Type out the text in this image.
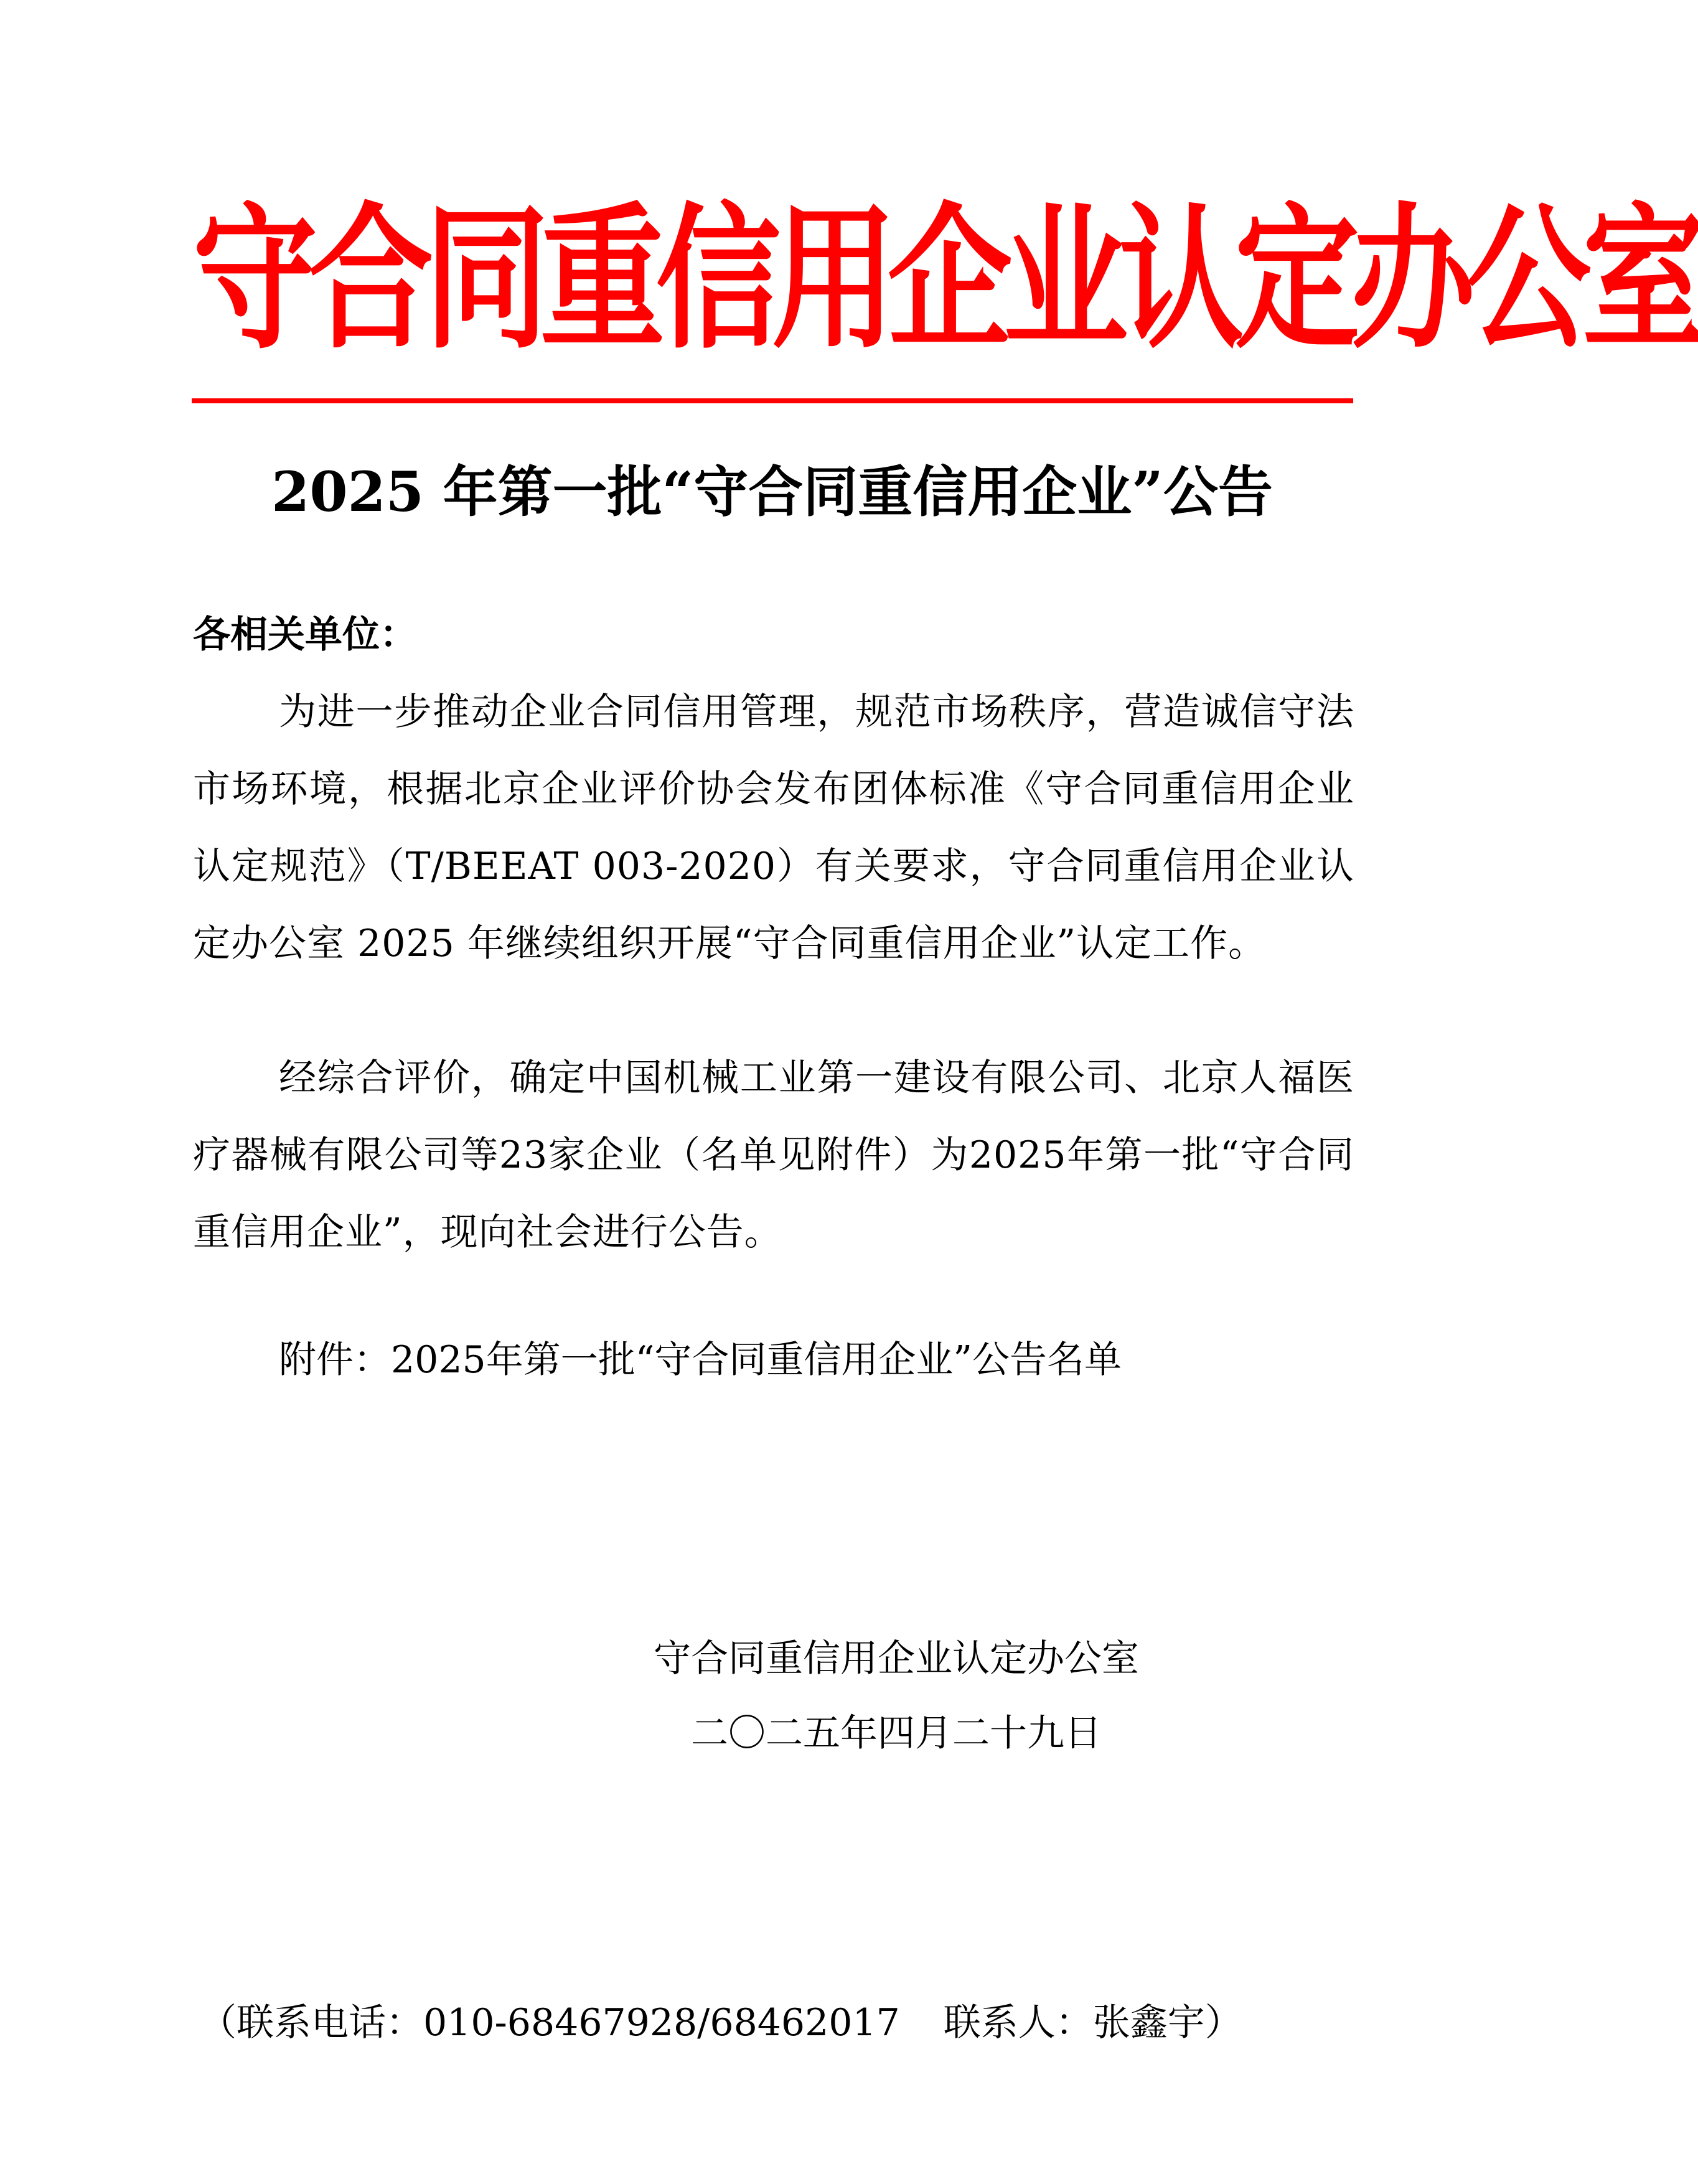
守合同重信用企业认定办公室
2025 年第一批“守合同重信用企业”公告
各相关单位：
为进一步推动企业合同信用管理，规范市场秩序，营造诚信守法市场环境，根据北京企业评价协会发布团体标准《守合同重信用企业认定规范》（T/BEEAT 003-2020）有关要求，守合同重信用企业认定办公室 2025 年继续组织开展“守合同重信用企业”认定工作。
经综合评价，确定中国机械工业第一建设有限公司、北京人福医疗器械有限公司等23家企业（名单见附件）为2025年第一批“守合同重信用企业”，现向社会进行公告。
附件：2025年第一批“守合同重信用企业”公告名单
守合同重信用企业认定办公室
二〇二五年四月二十九日
（联系电话：010-68467928/68462017 联系人：张鑫宇）
